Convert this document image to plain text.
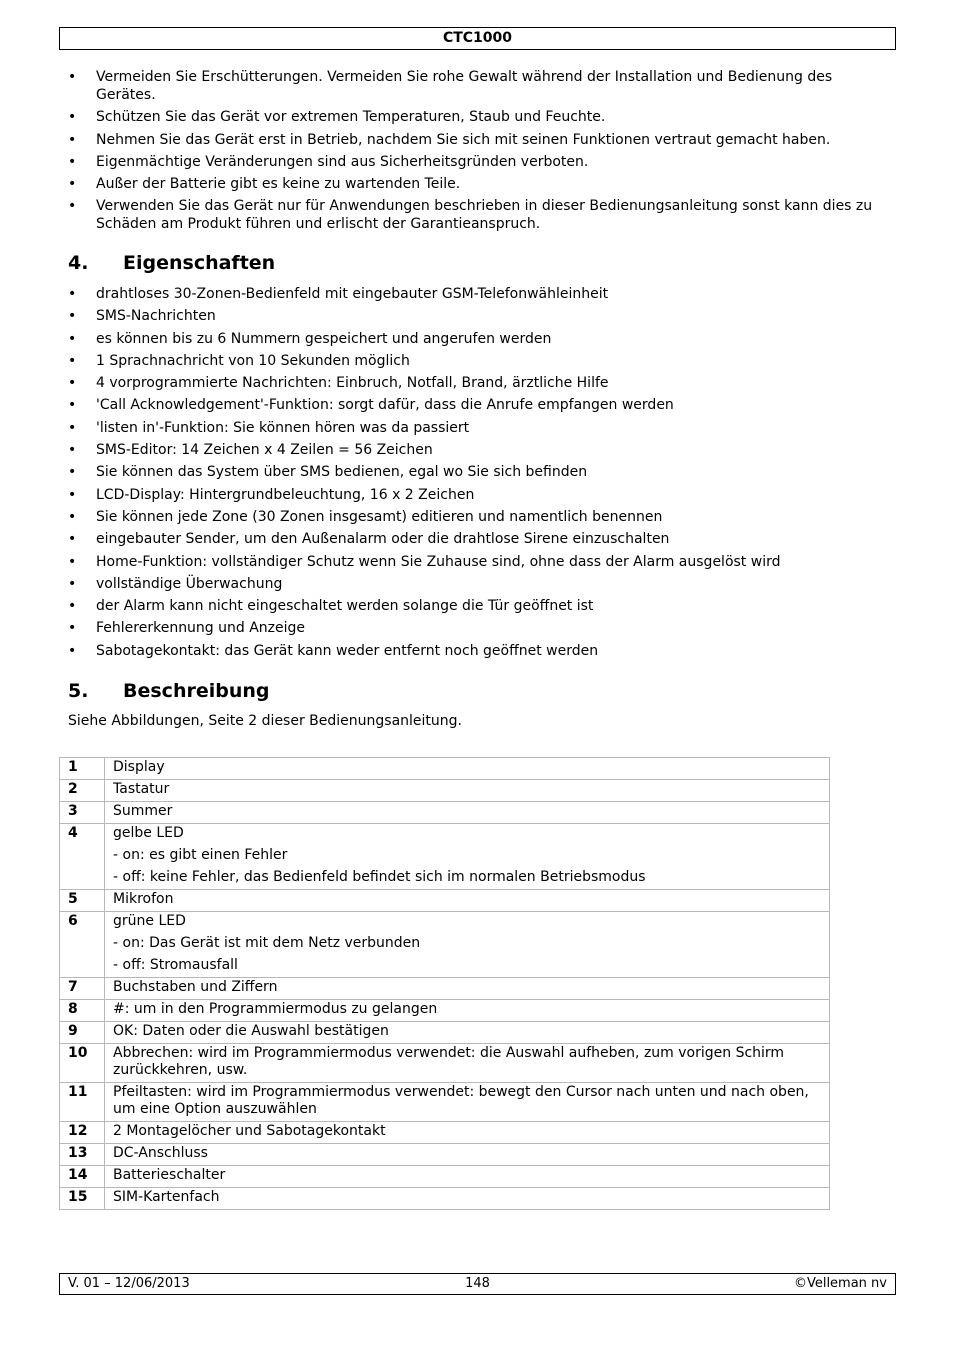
CTC1000
• Vermeiden Sie Erschütterungen. Vermeiden Sie rohe Gewalt während der Installation und Bedienung des Gerätes.
• Schützen Sie das Gerät vor extremen Temperaturen, Staub und Feuchte.
• Nehmen Sie das Gerät erst in Betrieb, nachdem Sie sich mit seinen Funktionen vertraut gemacht haben.
• Eigenmächtige Veränderungen sind aus Sicherheitsgründen verboten.
• Außer der Batterie gibt es keine zu wartenden Teile.
• Verwenden Sie das Gerät nur für Anwendungen beschrieben in dieser Bedienungsanleitung sonst kann dies zu Schäden am Produkt führen und erlischt der Garantieanspruch.
4. Eigenschaften
• drahtloses 30-Zonen-Bedienfeld mit eingebauter GSM-Telefonwähleinheit
• SMS-Nachrichten
• es können bis zu 6 Nummern gespeichert und angerufen werden
• 1 Sprachnachricht von 10 Sekunden möglich
• 4 vorprogrammierte Nachrichten: Einbruch, Notfall, Brand, ärztliche Hilfe
• 'Call Acknowledgement'-Funktion: sorgt dafür, dass die Anrufe empfangen werden
• 'listen in'-Funktion: Sie können hören was da passiert
• SMS-Editor: 14 Zeichen x 4 Zeilen = 56 Zeichen
• Sie können das System über SMS bedienen, egal wo Sie sich befinden
• LCD-Display: Hintergrundbeleuchtung, 16 x 2 Zeichen
• Sie können jede Zone (30 Zonen insgesamt) editieren und namentlich benennen
• eingebauter Sender, um den Außenalarm oder die drahtlose Sirene einzuschalten
• Home-Funktion: vollständiger Schutz wenn Sie Zuhause sind, ohne dass der Alarm ausgelöst wird
• vollständige Überwachung
• der Alarm kann nicht eingeschaltet werden solange die Tür geöffnet ist
• Fehlererkennung und Anzeige
• Sabotagekontakt: das Gerät kann weder entfernt noch geöffnet werden
5. Beschreibung
Siehe Abbildungen, Seite 2 dieser Bedienungsanleitung.
1	Display

2	Tastatur

3	Summer

4	gelbe LED
- on: es gibt einen Fehler
- off: keine Fehler, das Bedienfeld befindet sich im normalen Betriebsmodus

5	Mikrofon

6	grüne LED
- on: Das Gerät ist mit dem Netz verbunden
- off: Stromausfall

7	Buchstaben und Ziffern

8	#: um in den Programmiermodus zu gelangen

9	OK: Daten oder die Auswahl bestätigen

10	Abbrechen: wird im Programmiermodus verwendet: die Auswahl aufheben, zum vorigen Schirm zurückkehren, usw.

11	Pfeiltasten: wird im Programmiermodus verwendet: bewegt den Cursor nach unten und nach oben, um eine Option auszuwählen

12	2 Montagelöcher und Sabotagekontakt

13	DC-Anschluss

14	Batterieschalter

15	SIM-Kartenfach
V. 01 – 12/06/2013	148	©Velleman nv
